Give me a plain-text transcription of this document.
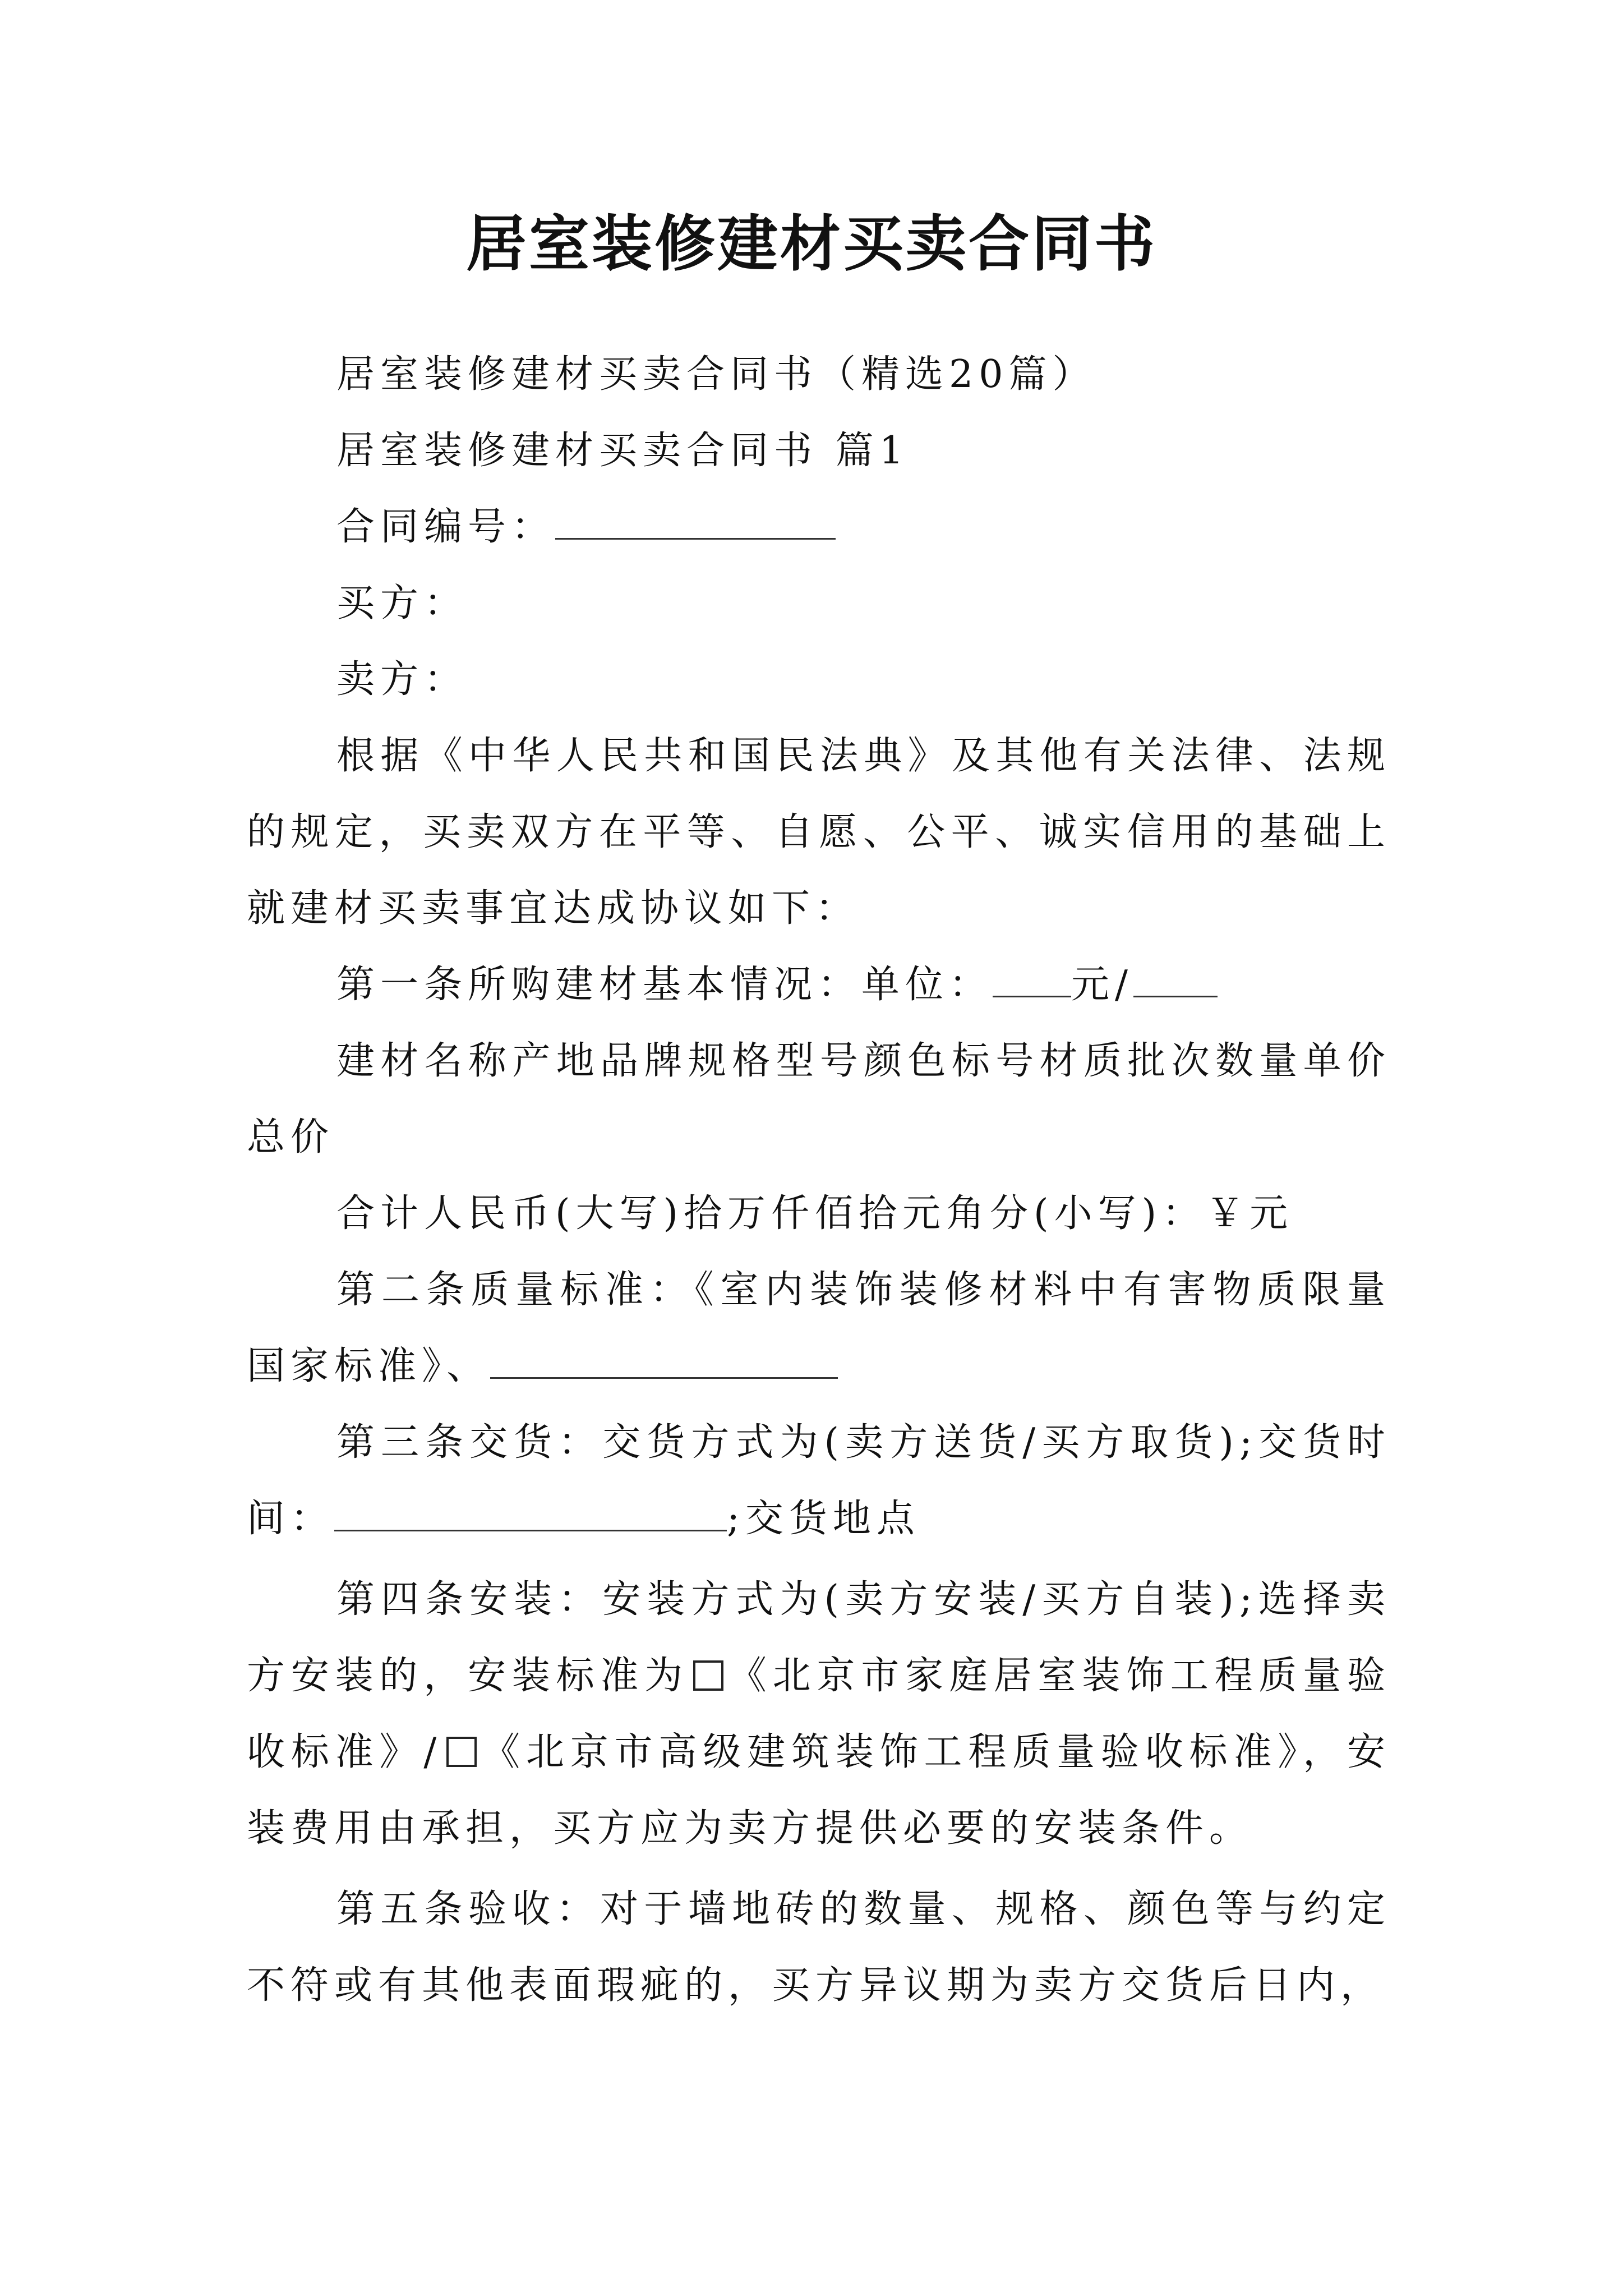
居室装修建材买卖合同书

居室装修建材买卖合同书（精选20篇）

居室装修建材买卖合同书 篇1

合同编号：

买方：

卖方：

根据《中华人民共和国民法典》及其他有关法律、法规的规定，买卖双方在平等、自愿、公平、诚实信用的基础上就建材买卖事宜达成协议如下：

第一条所购建材基本情况：单位： 元/

建材名称产地品牌规格型号颜色标号材质批次数量单价总价

合计人民币(大写)拾万仟佰拾元角分(小写)：￥元

第二条质量标准：《室内装饰装修材料中有害物质限量国家标准》、

第三条交货：交货方式为(卖方送货/买方取货);交货时间：	;交货地点

第四条安装：安装方式为(卖方安装/买方自装);选择卖方安装的，安装标准为 《北京市家庭居室装饰工程质量验收标准》/ 《北京市高级建筑装饰工程质量验收标准》，安装费用由承担，买方应为卖方提供必要的安装条件。

第五条验收：对于墙地砖的数量、规格、颜色等与约定不符或有其他表面瑕疵的，买方异议期为卖方交货后日内，
